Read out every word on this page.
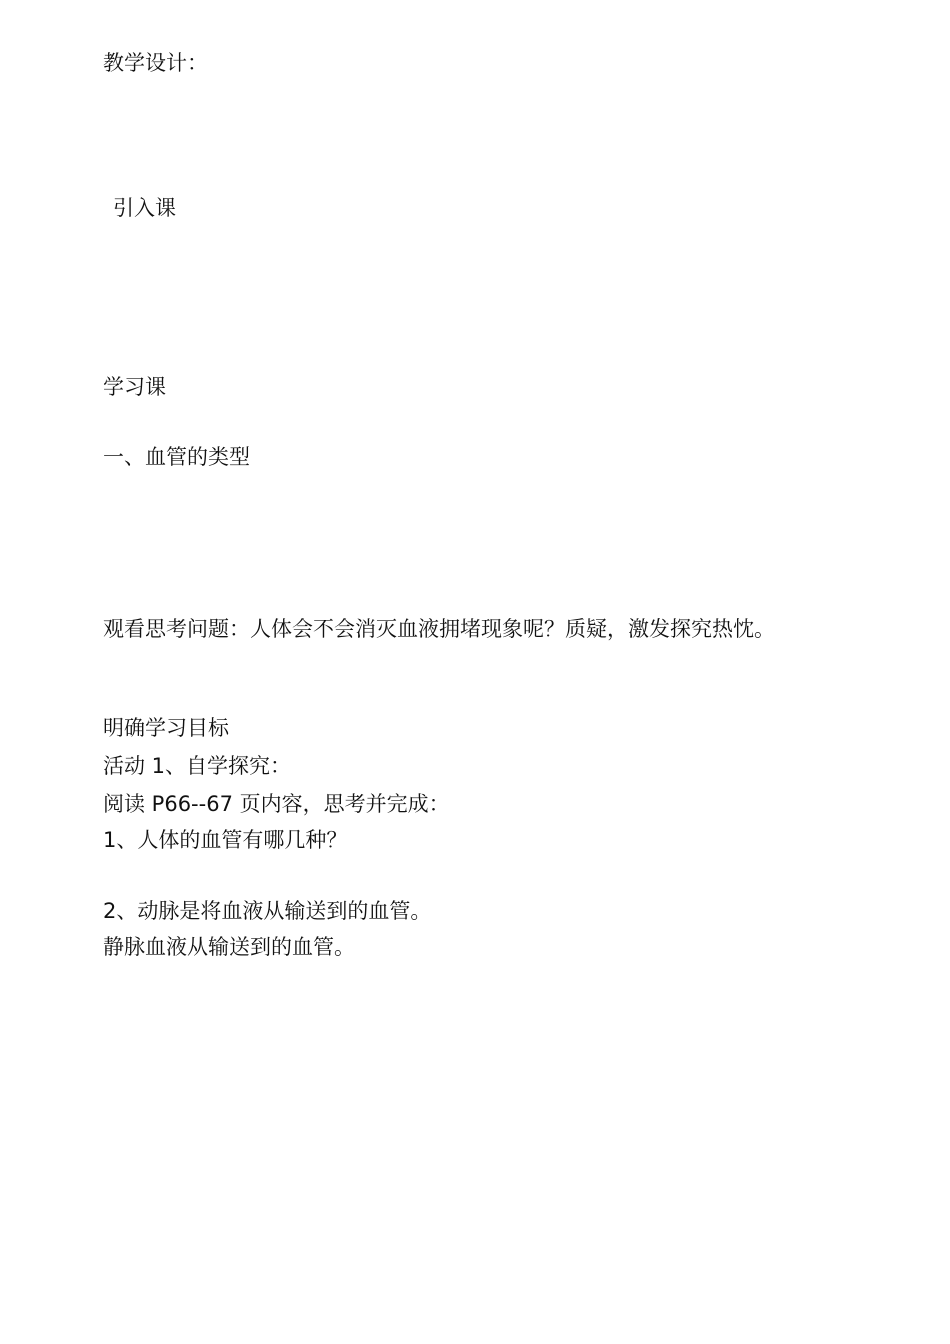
教学设计：
引入课
学习课
一、血管的类型
观看思考问题：人体会不会消灭血液拥堵现象呢？质疑，激发探究热忱。
明确学习目标
活动 1、自学探究：
阅读 P66--67 页内容，思考并完成：
1、人体的血管有哪几种？
2、动脉是将血液从输送到的血管。
静脉血液从输送到的血管。
